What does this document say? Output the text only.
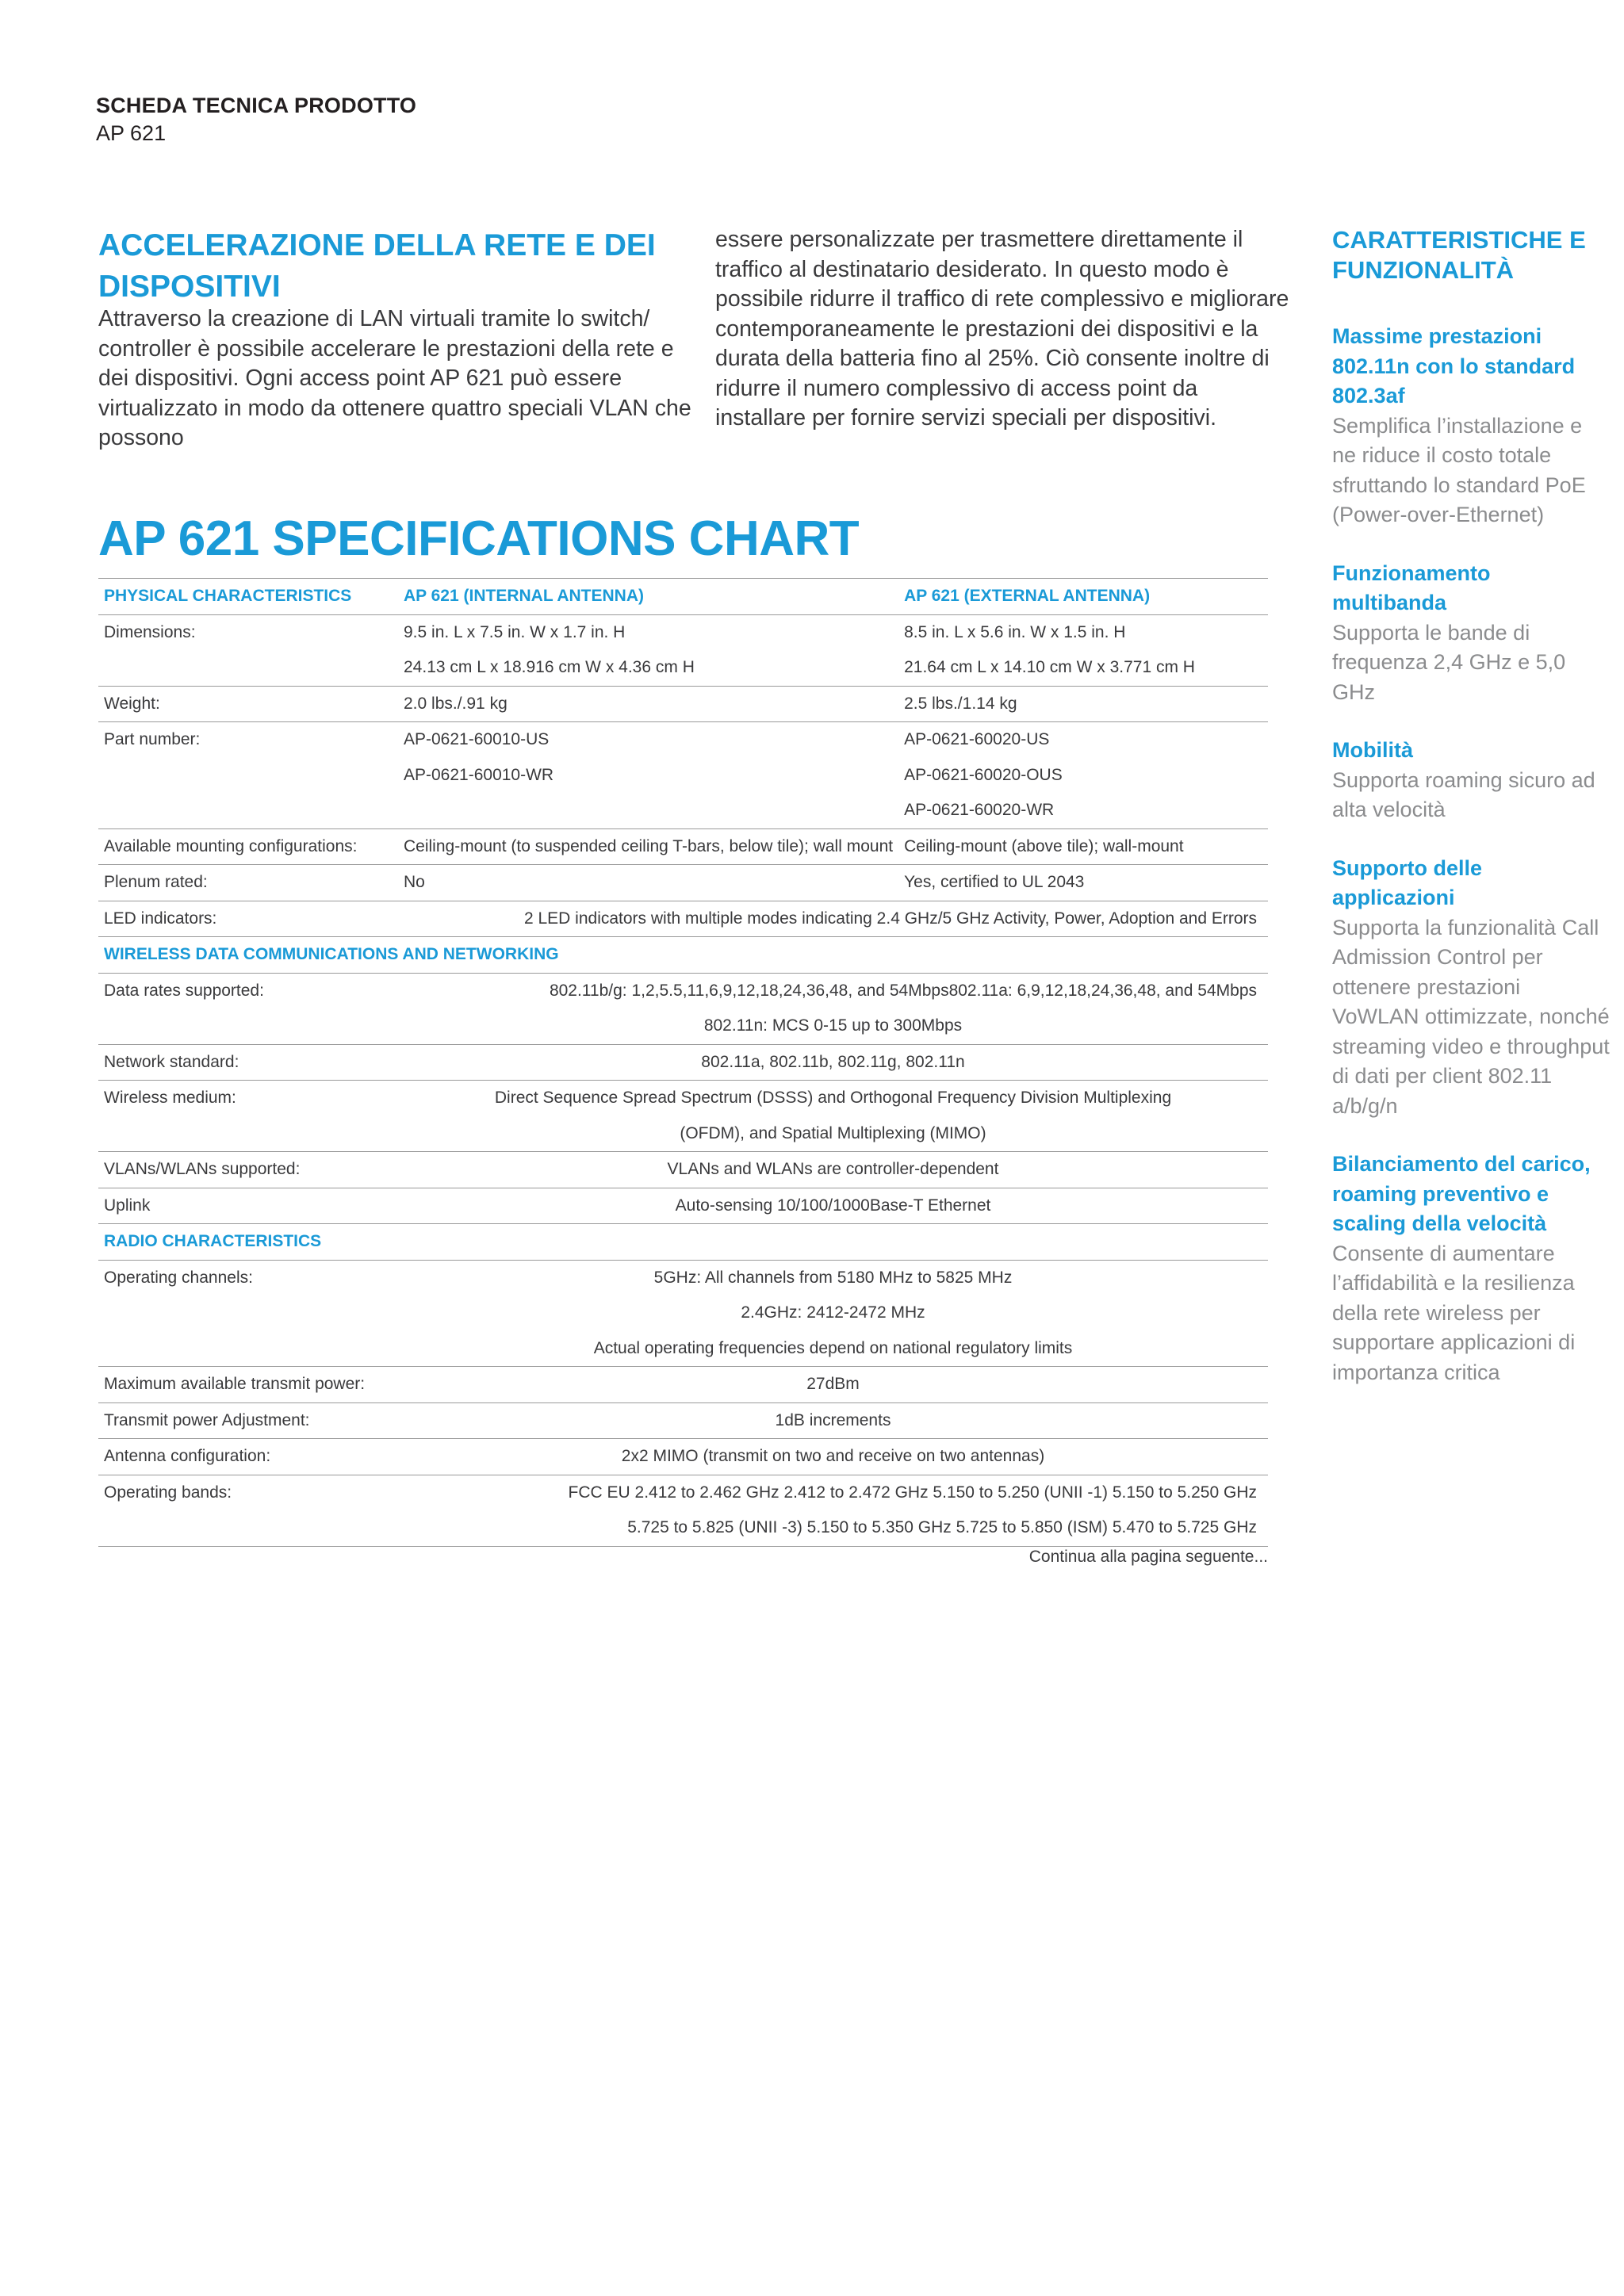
SCHEDA TECNICA PRODOTTO
AP 621
ACCELERAZIONE DELLA RETE E DEI DISPOSITIVI
Attraverso la creazione di LAN virtuali tramite lo switch/ controller è possibile accelerare le prestazioni della rete e dei dispositivi. Ogni access point AP 621 può essere virtualizzato in modo da ottenere quattro speciali VLAN che possono
essere personalizzate per trasmettere direttamente il traffico al destinatario desiderato. In questo modo è possibile ridurre il traffico di rete complessivo e migliorare contemporaneamente le prestazioni dei dispositivi e la durata della batteria fino al 25%. Ciò consente inoltre di ridurre il numero complessivo di access point da installare per fornire servizi speciali per dispositivi.
CARATTERISTICHE E FUNZIONALITÀ
Massime prestazioni 802.11n con lo standard 802.3af
Semplifica l’installazione e ne riduce il costo totale sfruttando lo standard PoE (Power-over-Ethernet)
Funzionamento multibanda
Supporta le bande di frequenza 2,4 GHz e 5,0 GHz
Mobilità
Supporta roaming sicuro ad alta velocità
Supporto delle applicazioni
Supporta la funzionalità Call Admission Control per ottenere prestazioni VoWLAN ottimizzate, nonché streaming video e throughput di dati per client 802.11 a/b/g/n
Bilanciamento del carico, roaming preventivo e scaling della velocità
Consente di aumentare l’affidabilità e la resilienza della rete wireless per supportare applicazioni di importanza critica
AP 621 SPECIFICATIONS CHART
PHYSICAL CHARACTERISTICS	AP 621 (INTERNAL ANTENNA)	AP 621 (EXTERNAL ANTENNA)
Dimensions:	9.5 in. L x 7.5 in. W x 1.7 in. H	8.5 in. L x 5.6 in. W x 1.5 in. H
	24.13 cm L x 18.916 cm W x 4.36 cm H	21.64 cm L x 14.10 cm W x 3.771 cm H
Weight:	2.0 lbs./.91 kg	2.5 lbs./1.14 kg
Part number:	AP-0621-60010-US	AP-0621-60020-US
	AP-0621-60010-WR	AP-0621-60020-OUS
		AP-0621-60020-WR
Available mounting configurations:	Ceiling-mount (to suspended ceiling T-bars, below tile); wall mount	Ceiling-mount (above tile); wall-mount
Plenum rated:	No	Yes, certified to UL 2043
LED indicators:	2 LED indicators with multiple modes indicating 2.4 GHz/5 GHz Activity, Power, Adoption and Errors	
WIRELESS DATA COMMUNICATIONS AND NETWORKING		
Data rates supported:	802.11b/g: 1,2,5.5,11,6,9,12,18,24,36,48, and 54Mbps802.11a: 6,9,12,18,24,36,48, and 54Mbps	
	802.11n: MCS 0-15 up to 300Mbps	
Network standard:	802.11a, 802.11b, 802.11g, 802.11n	
Wireless medium:	Direct Sequence Spread Spectrum (DSSS) and Orthogonal Frequency Division Multiplexing	
	(OFDM), and Spatial Multiplexing (MIMO)	
VLANs/WLANs supported:	VLANs and WLANs are controller-dependent	
Uplink	Auto-sensing 10/100/1000Base-T Ethernet	
RADIO CHARACTERISTICS		
Operating channels:	5GHz: All channels from 5180 MHz to 5825 MHz	
	2.4GHz: 2412-2472 MHz	
	Actual operating frequencies depend on national regulatory limits	
Maximum available transmit power:	27dBm	
Transmit power Adjustment:	1dB increments	
Antenna configuration:	2x2 MIMO (transmit on two and receive on two antennas)	
Operating bands:	FCC EU 2.412 to 2.462 GHz 2.412 to 2.472 GHz 5.150 to 5.250 (UNII -1) 5.150 to 5.250 GHz	
	5.725 to 5.825 (UNII -3) 5.150 to 5.350 GHz 5.725 to 5.850 (ISM) 5.470 to 5.725 GHz	
Continua alla pagina seguente...
